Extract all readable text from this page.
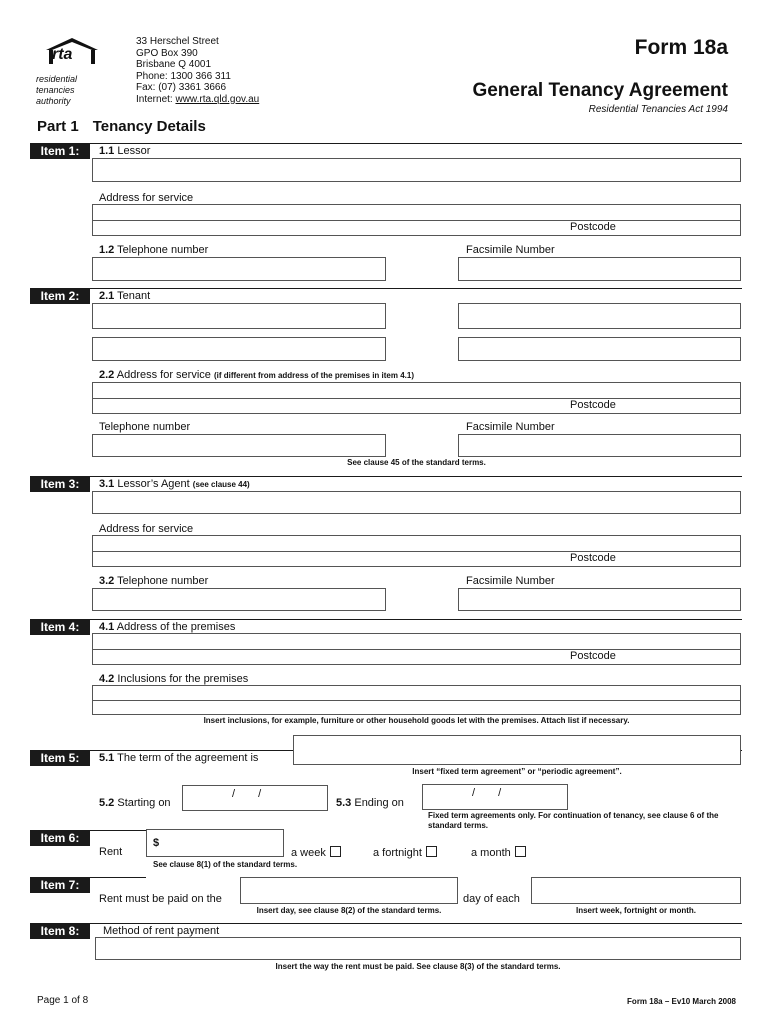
rta
residential
tenancies
authority
33 Herschel Street
GPO Box 390
Brisbane Q 4001
Phone: 1300 366 311
Fax: (07) 3361 3666
Internet: www.rta.qld.gov.au
Form 18a
General Tenancy Agreement
Residential Tenancies Act 1994
Part 1 Tenancy Details
Item 1:	1.1 Lessor
Address for service
Postcode
1.2 Telephone number	Facsimile Number
Item 2:	2.1 Tenant
2.2 Address for service (if different from address of the premises in item 4.1)
Postcode
Telephone number	Facsimile Number
See clause 45 of the standard terms.
Item 3:	3.1 Lessor’s Agent (see clause 44)
Address for service
Postcode
3.2 Telephone number	Facsimile Number
Item 4:	4.1 Address of the premises
Postcode
4.2 Inclusions for the premises
Insert inclusions, for example, furniture or other household goods let with the premises. Attach list if necessary.
Item 5:	5.1 The term of the agreement is
Insert “fixed term agreement” or “periodic agreement”.
5.2 Starting on
/ /
5.3 Ending on
/ /
Fixed term agreements only. For continuation of tenancy, see clause 6 of the standard terms.
Item 6:	$
Rent	a week	a fortnight	a month
See clause 8(1) of the standard terms.
Item 7:
Rent must be paid on the	day of each
Insert day, see clause 8(2) of the standard terms.	Insert week, fortnight or month.
Item 8:	Method of rent payment
Insert the way the rent must be paid. See clause 8(3) of the standard terms.
Page 1 of 8	Form 18a – Ev10 March 2008
